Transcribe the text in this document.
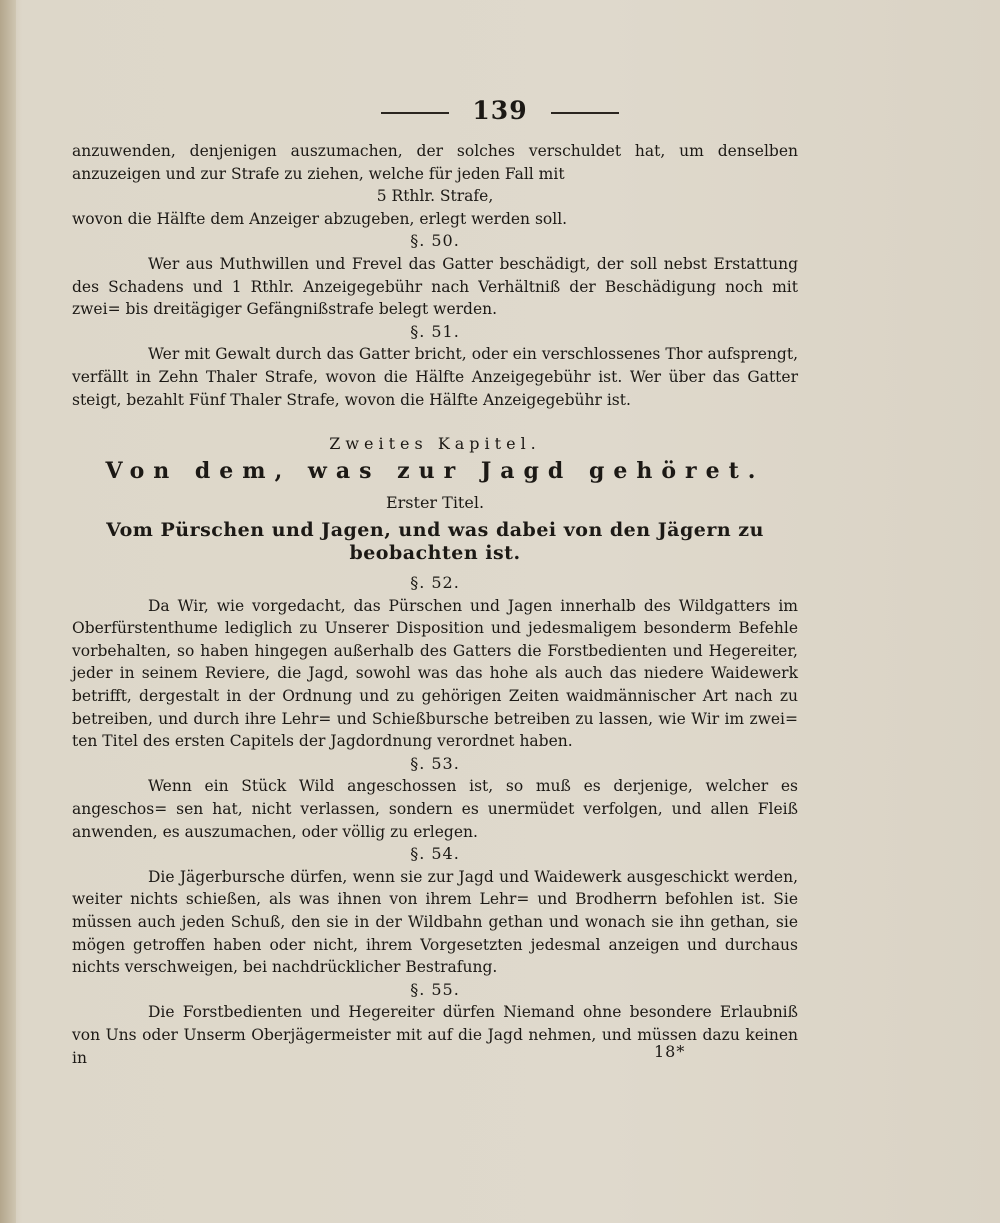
139

anzuwenden, denjenigen auszumachen, der solches verschuldet hat, um denselben anzuzeigen und zur Strafe zu ziehen, welche für jeden Fall mit

5 Rthlr. Strafe,

wovon die Hälfte dem Anzeiger abzugeben, erlegt werden soll.

§. 50.

Wer aus Muthwillen und Frevel das Gatter beschädigt, der soll nebst Erstattung des Schadens und 1 Rthlr. Anzeigegebühr nach Verhältniß der Beschädigung noch mit zwei= bis dreitägiger Gefängnißstrafe belegt werden.

§. 51.

Wer mit Gewalt durch das Gatter bricht, oder ein verschlossenes Thor aufsprengt, verfällt in Zehn Thaler Strafe, wovon die Hälfte Anzeigegebühr ist. Wer über das Gatter steigt, bezahlt Fünf Thaler Strafe, wovon die Hälfte Anzeigegebühr ist.

Zweites Kapitel.

Von dem, was zur Jagd gehöret.

Erster Titel.

Vom Pürschen und Jagen, und was dabei von den Jägern zu beobachten ist.

§. 52.

Da Wir, wie vorgedacht, das Pürschen und Jagen innerhalb des Wildgatters im Oberfürstenthume lediglich zu Unserer Disposition und jedesmaligem besonderm Befehle vorbehalten, so haben hingegen außerhalb des Gatters die Forstbedienten und Hegereiter, jeder in seinem Reviere, die Jagd, sowohl was das hohe als auch das niedere Waidewerk betrifft, dergestalt in der Ordnung und zu gehörigen Zeiten waidmännischer Art nach zu betreiben, und durch ihre Lehr= und Schießburschе betreiben zu lassen, wie Wir im zwei= ten Titel des ersten Capitels der Jagdordnung verordnet haben.

§. 53.

Wenn ein Stück Wild angeschossen ist, so muß es derjenige, welcher es angeschos= sen hat, nicht verlassen, sondern es unermüdet verfolgen, und allen Fleiß anwenden, es auszumachen, oder völlig zu erlegen.

§. 54.

Die Jägerbursche dürfen, wenn sie zur Jagd und Waidewerk ausgeschickt werden, weiter nichts schießen, als was ihnen von ihrem Lehr= und Brodherrn befohlen ist. Sie müssen auch jeden Schuß, den sie in der Wildbahn gethan und wonach sie ihn gethan, sie mögen getroffen haben oder nicht, ihrem Vorgesetzten jedesmal anzeigen und durchaus nichts verschweigen, bei nachdrücklicher Bestrafung.

§. 55.

Die Forstbedienten und Hegereiter dürfen Niemand ohne besondere Erlaubniß von Uns oder Unserm Oberjägermeister mit auf die Jagd nehmen, und müssen dazu keinen in	18*
